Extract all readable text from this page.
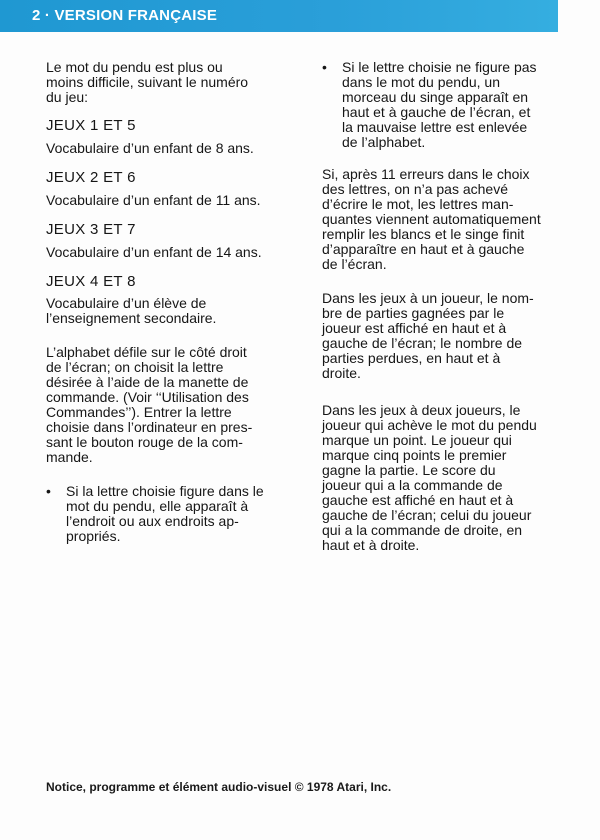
2 · VERSION FRANÇAISE

Le mot du pendu est plus ou
moins difficile, suivant le numéro
du jeu:

JEUX 1 ET 5

Vocabulaire d’un enfant de 8 ans.

JEUX 2 ET 6

Vocabulaire d’un enfant de 11 ans.

JEUX 3 ET 7

Vocabulaire d’un enfant de 14 ans.

JEUX 4 ET 8

Vocabulaire d’un élève de
l’enseignement secondaire.

L’alphabet défile sur le côté droit
de l’écran; on choisit la lettre
désirée à l’aide de la manette de
commande. (Voir ‘‘Utilisation des
Commandes’’). Entrer la lettre
choisie dans l’ordinateur en pres-
sant le bouton rouge de la com-
mande.

• Si la lettre choisie figure dans le
mot du pendu, elle apparaît à
l’endroit ou aux endroits ap-
propriés.

• Si le lettre choisie ne figure pas
dans le mot du pendu, un
morceau du singe apparaît en
haut et à gauche de l’écran, et
la mauvaise lettre est enlevée
de l’alphabet.

Si, après 11 erreurs dans le choix
des lettres, on n’a pas achevé
d’écrire le mot, les lettres man-
quantes viennent automatiquement
remplir les blancs et le singe finit
d’apparaître en haut et à gauche
de l’écran.

Dans les jeux à un joueur, le nom-
bre de parties gagnées par le
joueur est affiché en haut et à
gauche de l’écran; le nombre de
parties perdues, en haut et à
droite.

Dans les jeux à deux joueurs, le
joueur qui achève le mot du pendu
marque un point. Le joueur qui
marque cinq points le premier
gagne la partie. Le score du
joueur qui a la commande de
gauche est affiché en haut et à
gauche de l’écran; celui du joueur
qui a la commande de droite, en
haut et à droite.

Notice, programme et élément audio-visuel © 1978 Atari, Inc.
